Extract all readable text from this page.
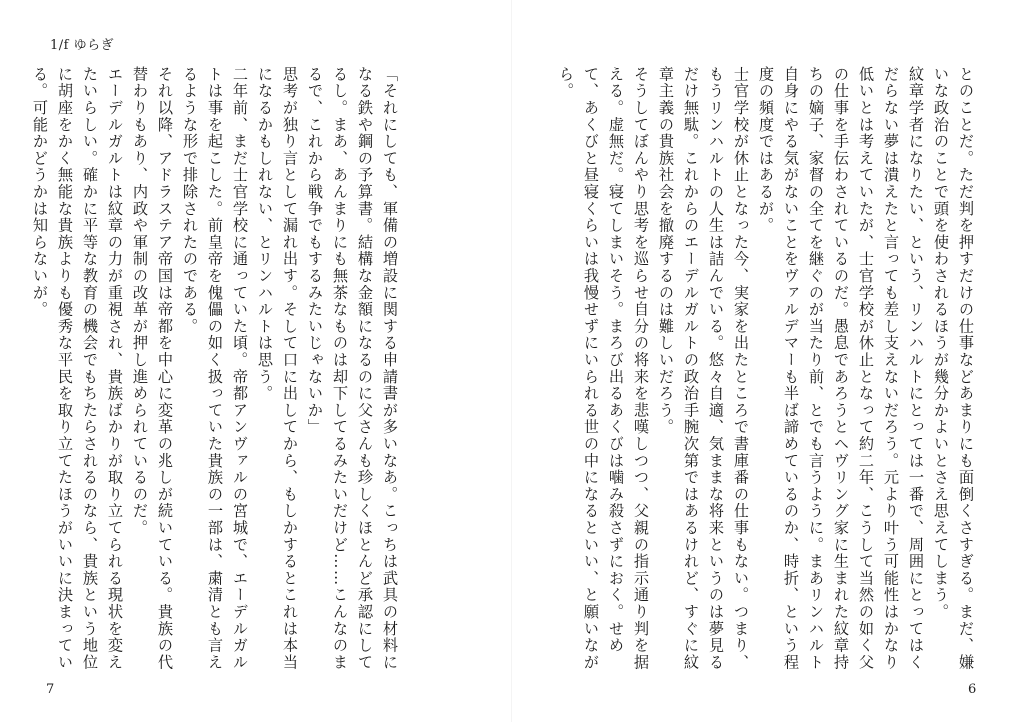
1/f ゆらぎ

とのことだ。ただ判を押すだけの仕事などあまりにも面倒くさすぎる。まだ、嫌いな政治のことで頭を使わされるほうが幾分かよいとさえ思えてしまう。

紋章学者になりたい、という、リンハルトにとっては一番で、周囲にとってはくだらない夢は潰えたと言っても差し支えないだろう。元より叶う可能性はかなり低いとは考えていたが、士官学校が休止となって約二年、こうして当然の如く父の仕事を手伝わされているのだ。愚息であろうとヘヴリング家に生まれた紋章持ちの嫡子、家督の全てを継ぐのが当たり前、とでも言うように。まあリンハルト自身にやる気がないことをヴァルデマーも半ば諦めているのか、時折、という程度の頻度ではあるが。

士官学校が休止となった今、実家を出たところで書庫番の仕事もない。つまり、もうリンハルトの人生は詰んでいる。悠々自適、気ままな将来というのは夢見るだけ無駄。これからのエーデルガルトの政治手腕次第ではあるけれど、すぐに紋章主義の貴族社会を撤廃するのは難しいだろう。

そうしてぼんやり思考を巡らせ自分の将来を悲嘆しつつ、父親の指示通り判を据える。虚無だ。寝てしまいそう。まろび出るあくびは噛み殺さずにおく。せめて、あくびと昼寝くらいは我慢せずにいられる世の中になるといい、と願いながら。

「それにしても、軍備の増設に関する申請書が多いなあ。こっちは武具の材料になる鉄や鋼の予算書。結構な金額になるのに父さんも珍しくほとんど承認にしてるし。まあ、あんまりにも無茶なものは却下してるみたいだけど……こんなのまるで、これから戦争でもするみたいじゃないか」

思考が独り言として漏れ出す。そして口に出してから、もしかするとこれは本当になるかもしれない、とリンハルトは思う。

二年前、まだ士官学校に通っていた頃。帝都アンヴァルの宮城で、エーデルガルトは事を起こした。前皇帝を傀儡の如く扱っていた貴族の一部は、粛清とも言えるような形で排除されたのである。

それ以降、アドラステア帝国は帝都を中心に変革の兆しが続いている。貴族の代替わりもあり、内政や軍制の改革が押し進められているのだ。

エーデルガルトは紋章の力が重視され、貴族ばかりが取り立てられる現状を変えたいらしい。確かに平等な教育の機会でもちたらされるのなら、貴族という地位に胡座をかく無能な貴族よりも優秀な平民を取り立てたほうがいいに決まっている。可能かどうかは知らないが。

7	6
